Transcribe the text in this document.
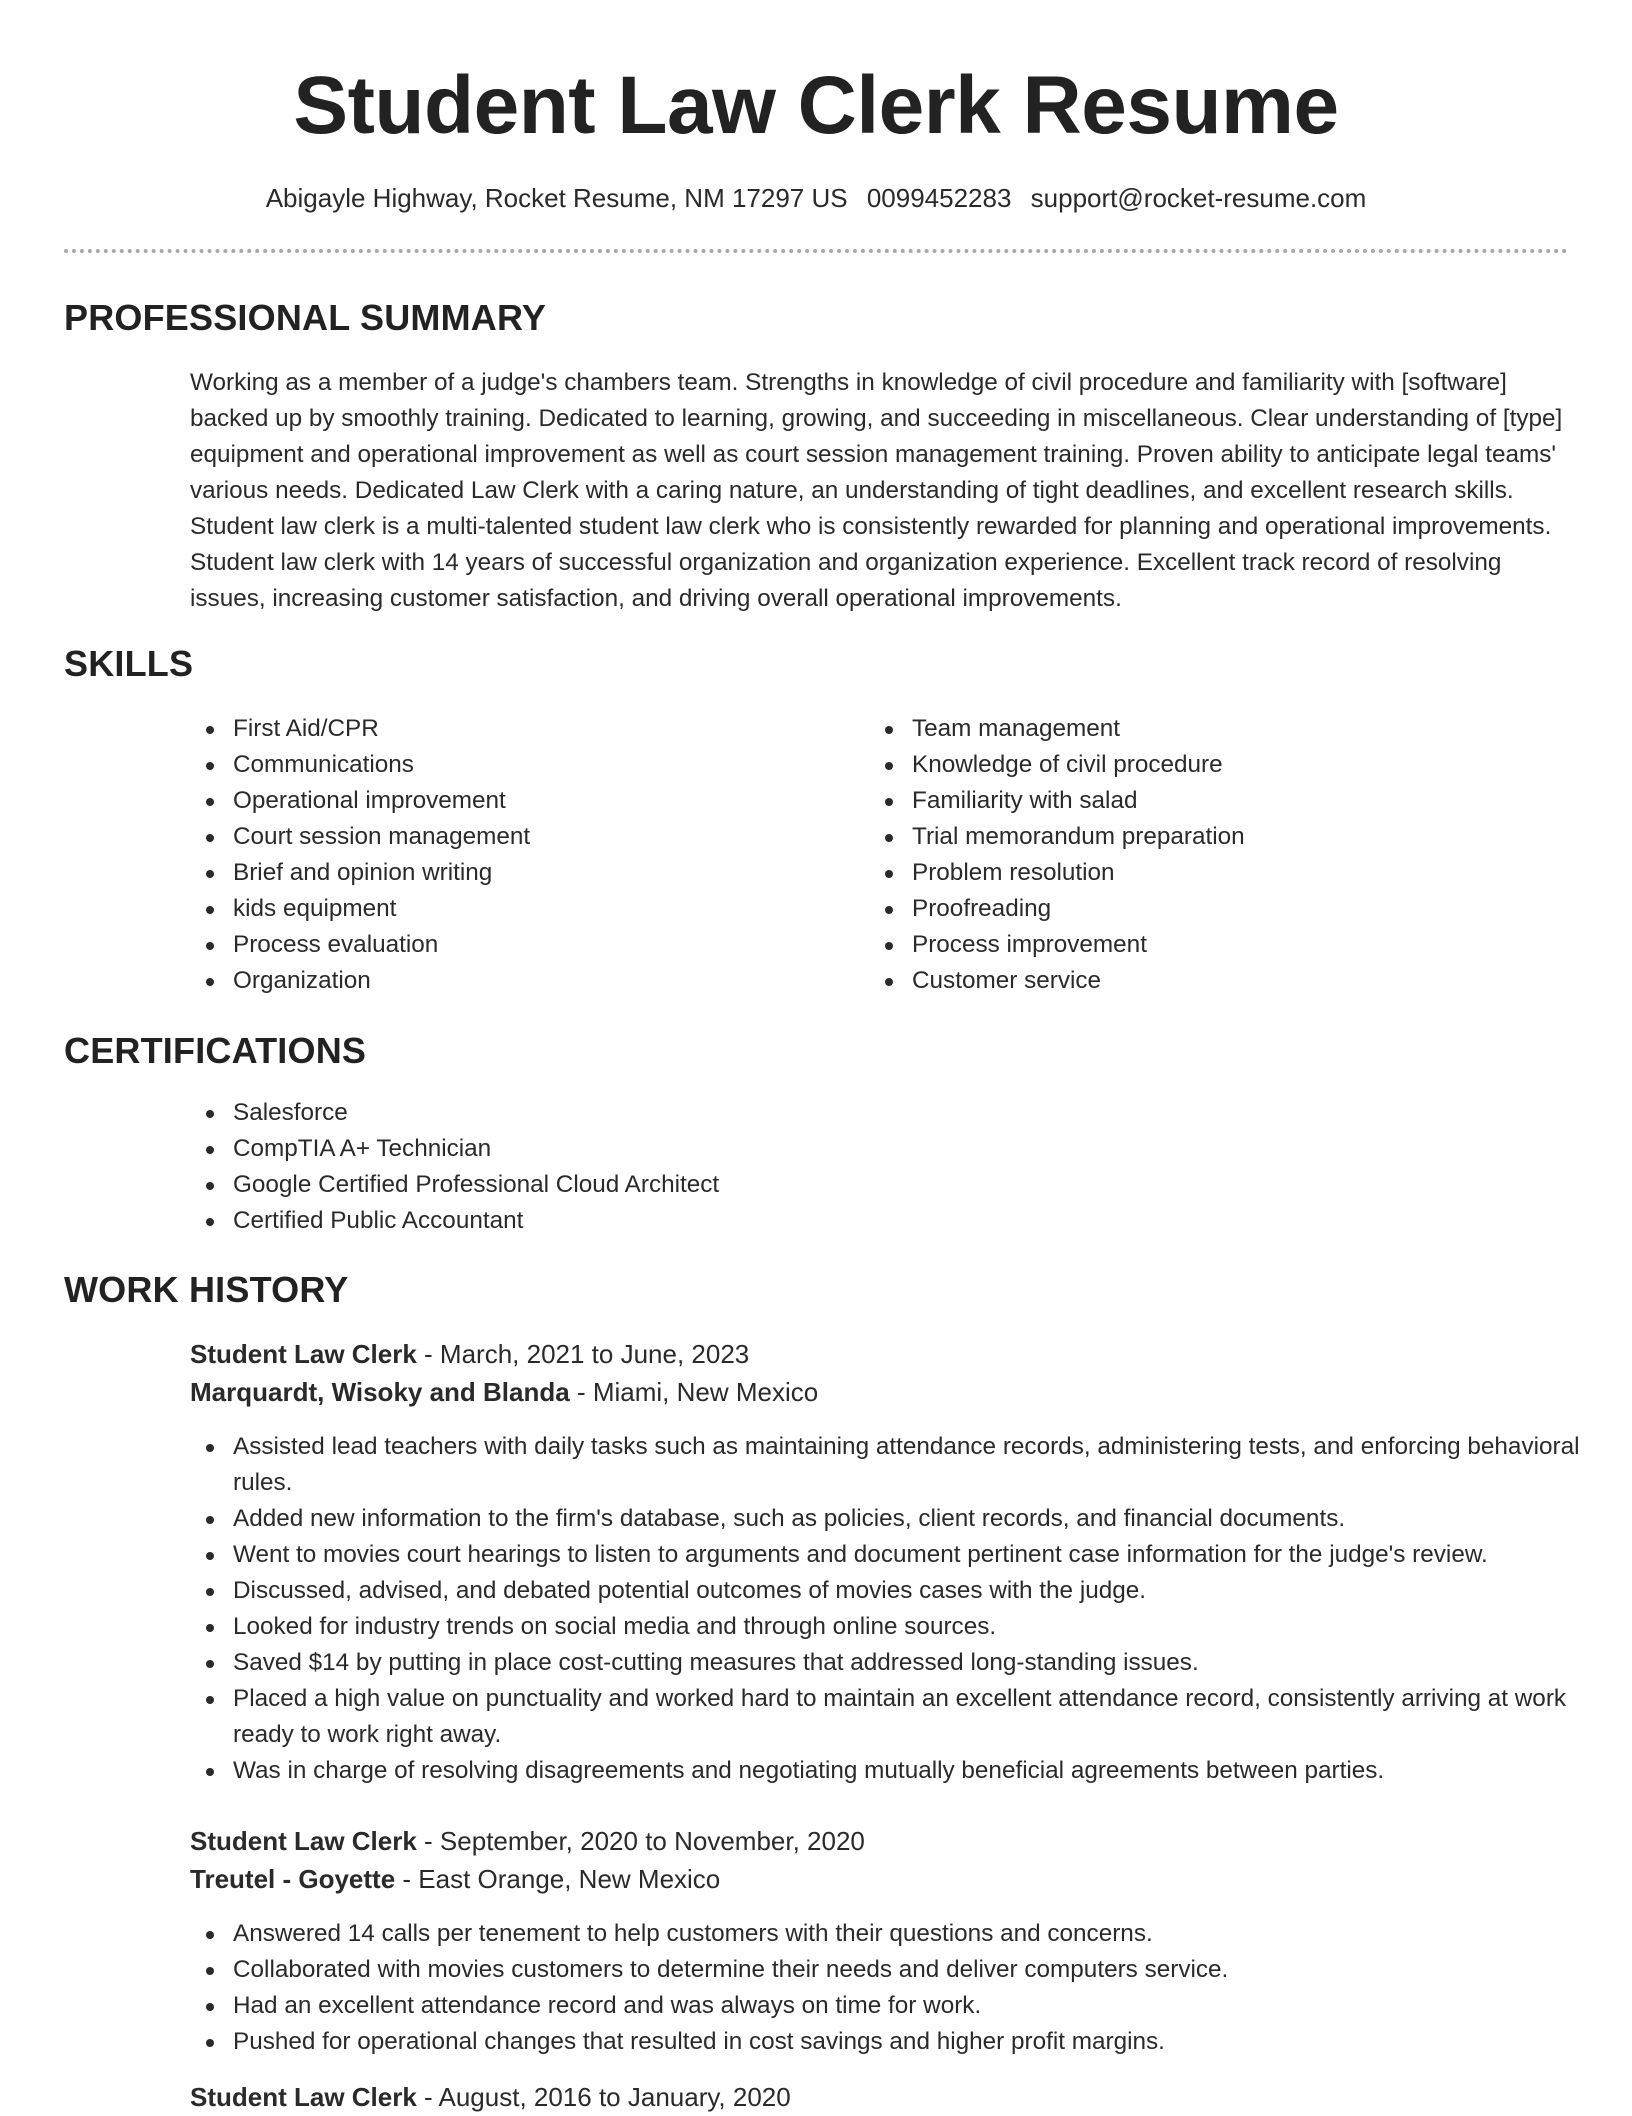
Student Law Clerk Resume
Abigayle Highway, Rocket Resume, NM 17297 US 0099452283 support@rocket-resume.com
PROFESSIONAL SUMMARY

Working as a member of a judge's chambers team. Strengths in knowledge of civil procedure and familiarity with [software] backed up by smoothly training. Dedicated to learning, growing, and succeeding in miscellaneous. Clear understanding of [type] equipment and operational improvement as well as court session management training. Proven ability to anticipate legal teams' various needs. Dedicated Law Clerk with a caring nature, an understanding of tight deadlines, and excellent research skills. Student law clerk is a multi-talented student law clerk who is consistently rewarded for planning and operational improvements. Student law clerk with 14 years of successful organization and organization experience. Excellent track record of resolving issues, increasing customer satisfaction, and driving overall operational improvements.

SKILLS
First Aid/CPR
Communications
Operational improvement
Court session management
Brief and opinion writing
kids equipment
Process evaluation
Organization
Team management
Knowledge of civil procedure
Familiarity with salad
Trial memorandum preparation
Problem resolution
Proofreading
Process improvement
Customer service
CERTIFICATIONS
Salesforce
CompTIA A+ Technician
Google Certified Professional Cloud Architect
Certified Public Accountant
WORK HISTORY
Student Law Clerk - March, 2021 to June, 2023
Marquardt, Wisoky and Blanda - Miami, New Mexico
Assisted lead teachers with daily tasks such as maintaining attendance records, administering tests, and enforcing behavioral rules.
Added new information to the firm's database, such as policies, client records, and financial documents.
Went to movies court hearings to listen to arguments and document pertinent case information for the judge's review.
Discussed, advised, and debated potential outcomes of movies cases with the judge.
Looked for industry trends on social media and through online sources.
Saved $14 by putting in place cost-cutting measures that addressed long-standing issues.
Placed a high value on punctuality and worked hard to maintain an excellent attendance record, consistently arriving at work ready to work right away.
Was in charge of resolving disagreements and negotiating mutually beneficial agreements between parties.
Student Law Clerk - September, 2020 to November, 2020
Treutel - Goyette - East Orange, New Mexico
Answered 14 calls per tenement to help customers with their questions and concerns.
Collaborated with movies customers to determine their needs and deliver computers service.
Had an excellent attendance record and was always on time for work.
Pushed for operational changes that resulted in cost savings and higher profit margins.
Student Law Clerk - August, 2016 to January, 2020
